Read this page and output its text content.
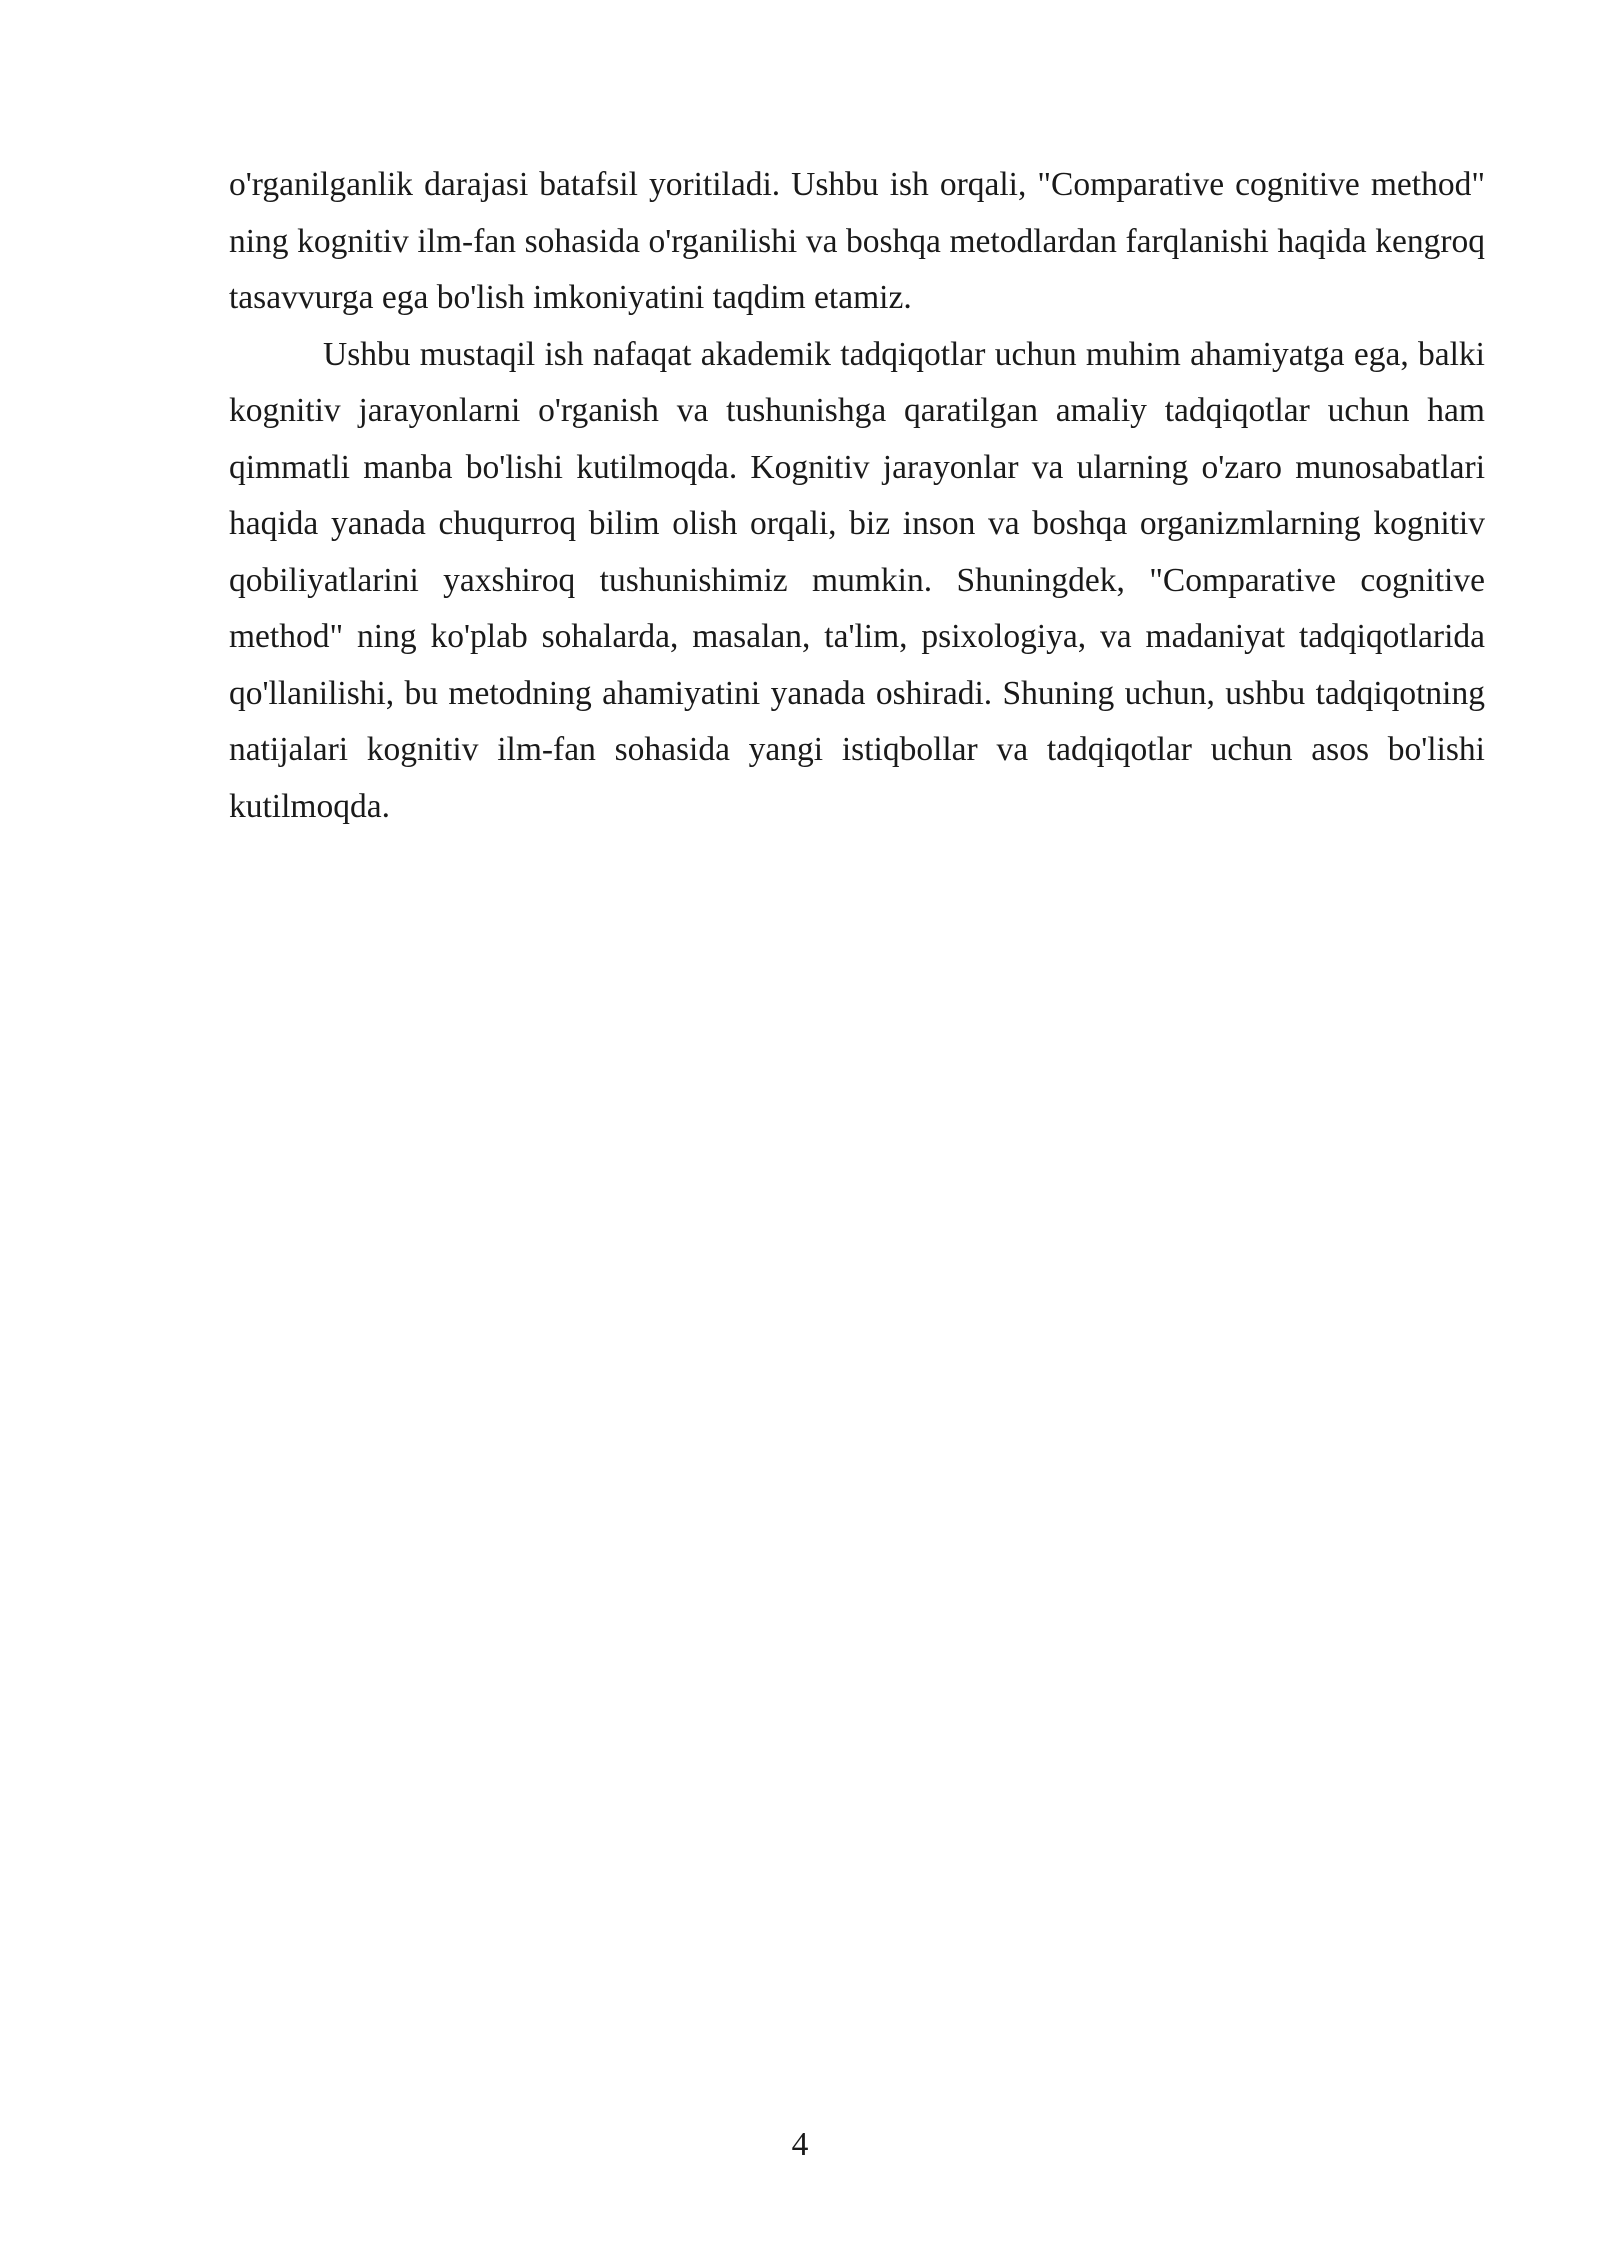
o'rganilganlik darajasi batafsil yoritiladi. Ushbu ish orqali, "Comparative cognitive method" ning kognitiv ilm-fan sohasida o'rganilishi va boshqa metodlardan farqlanishi haqida kengroq tasavvurga ega bo'lish imkoniyatini taqdim etamiz.

Ushbu mustaqil ish nafaqat akademik tadqiqotlar uchun muhim ahamiyatga ega, balki kognitiv jarayonlarni o'rganish va tushunishga qaratilgan amaliy tadqiqotlar uchun ham qimmatli manba bo'lishi kutilmoqda. Kognitiv jarayonlar va ularning o'zaro munosabatlari haqida yanada chuqurroq bilim olish orqali, biz inson va boshqa organizmlarning kognitiv qobiliyatlarini yaxshiroq tushunishimiz mumkin. Shuningdek, "Comparative cognitive method" ning ko'plab sohalarda, masalan, ta'lim, psixologiya, va madaniyat tadqiqotlarida qo'llanilishi, bu metodning ahamiyatini yanada oshiradi. Shuning uchun, ushbu tadqiqotning natijalari kognitiv ilm-fan sohasida yangi istiqbollar va tadqiqotlar uchun asos bo'lishi kutilmoqda.

4
